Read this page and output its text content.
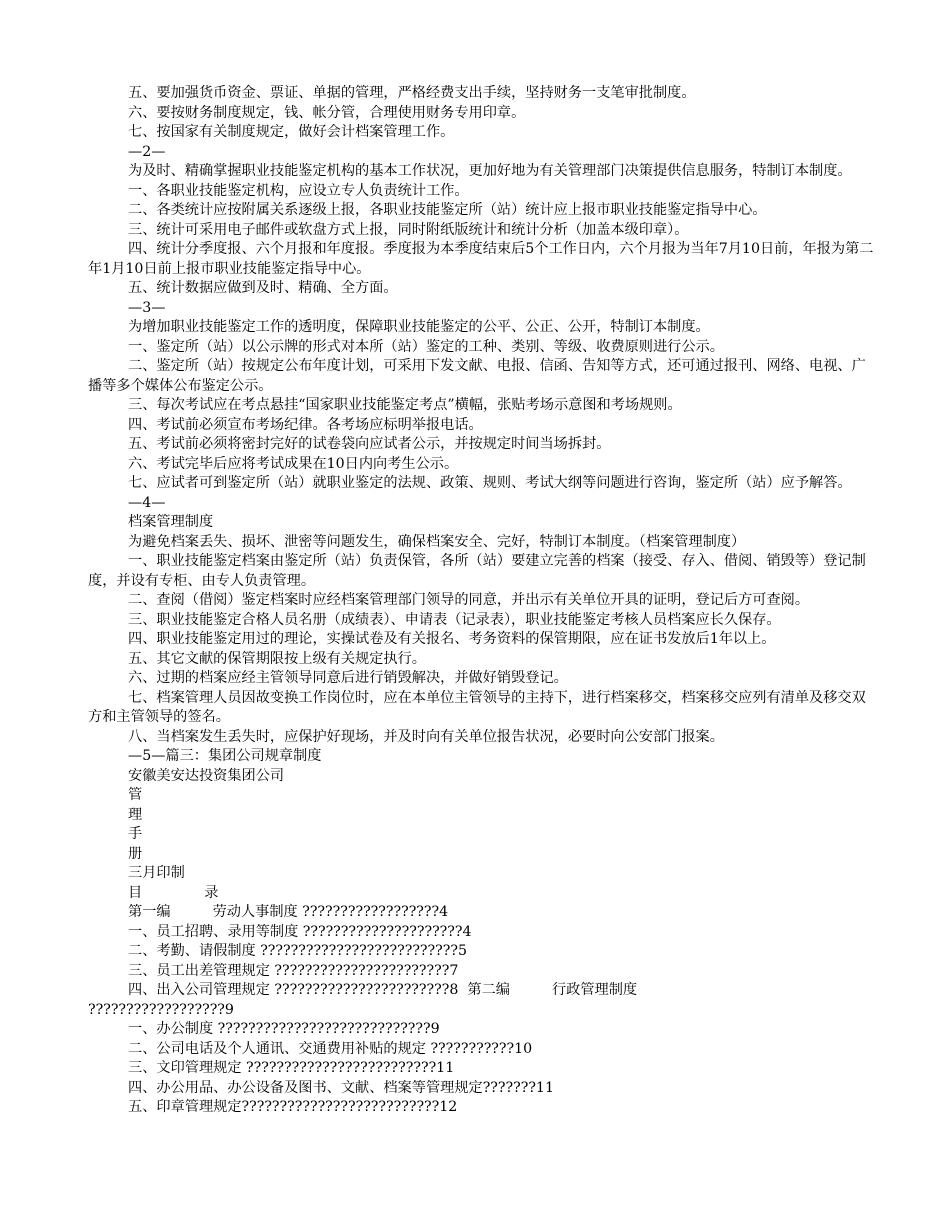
五、要加强货币资金、票证、单据的管理，严格经费支出手续，坚持财务一支笔审批制度。

六、要按财务制度规定，钱、帐分管，合理使用财务专用印章。

七、按国家有关制度规定，做好会计档案管理工作。

—2—

为及时、精确掌握职业技能鉴定机构的基本工作状况，更加好地为有关管理部门决策提供信息服务，特制订本制度。

一、各职业技能鉴定机构，应设立专人负责统计工作。

二、各类统计应按附属关系逐级上报，各职业技能鉴定所（站）统计应上报市职业技能鉴定指导中心。

三、统计可采用电子邮件或软盘方式上报，同时附纸版统计和统计分析（加盖本级印章）。

四、统计分季度报、六个月报和年度报。季度报为本季度结束后5个工作日内，六个月报为当年7月10日前，年报为第二年1月10日前上报市职业技能鉴定指导中心。

五、统计数据应做到及时、精确、全方面。

—3—

为增加职业技能鉴定工作的透明度，保障职业技能鉴定的公平、公正、公开，特制订本制度。

一、鉴定所（站）以公示牌的形式对本所（站）鉴定的工种、类别、等级、收费原则进行公示。

二、鉴定所（站）按规定公布年度计划，可采用下发文献、电报、信函、告知等方式，还可通过报刊、网络、电视、广播等多个媒体公布鉴定公示。

三、每次考试应在考点悬挂“国家职业技能鉴定考点”横幅，张贴考场示意图和考场规则。

四、考试前必须宣布考场纪律。各考场应标明举报电话。

五、考试前必须将密封完好的试卷袋向应试者公示，并按规定时间当场拆封。

六、考试完毕后应将考试成果在10日内向考生公示。

七、应试者可到鉴定所（站）就职业鉴定的法规、政策、规则、考试大纲等问题进行咨询，鉴定所（站）应予解答。

—4—

档案管理制度

为避免档案丢失、损坏、泄密等问题发生，确保档案安全、完好，特制订本制度。（档案管理制度）

一、职业技能鉴定档案由鉴定所（站）负责保管，各所（站）要建立完善的档案（接受、存入、借阅、销毁等）登记制度，并设有专柜、由专人负责管理。

二、查阅（借阅）鉴定档案时应经档案管理部门领导的同意，并出示有关单位开具的证明，登记后方可查阅。

三、职业技能鉴定合格人员名册（成绩表）、申请表（记录表），职业技能鉴定考核人员档案应长久保存。

四、职业技能鉴定用过的理论，实操试卷及有关报名、考务资料的保管期限，应在证书发放后1年以上。

五、其它文献的保管期限按上级有关规定执行。

六、过期的档案应经主管领导同意后进行销毁解决，并做好销毁登记。

七、档案管理人员因故变换工作岗位时，应在本单位主管领导的主持下，进行档案移交，档案移交应列有清单及移交双方和主管领导的签名。

八、当档案发生丢失时，应保护好现场，并及时向有关单位报告状况，必要时向公安部门报案。

—5—篇三：集团公司规章制度

安徽美安达投资集团公司

管

理

手

册

三月印制

目	录

第一编	劳动人事制度 ??????????????????4

一、员工招聘、录用等制度 ?????????????????????4

二、考勤、请假制度 ??????????????????????????5

三、员工出差管理规定 ???????????????????????7

四、出入公司管理规定 ???????????????????????8 第二编	行政管理制度

??????????????????9

一、办公制度 ????????????????????????????9

二、公司电话及个人通讯、交通费用补贴的规定 ???????????10

三、文印管理规定 ?????????????????????????11

四、办公用品、办公设备及图书、文献、档案等管理规定???????11

五、印章管理规定??????????????????????????12
